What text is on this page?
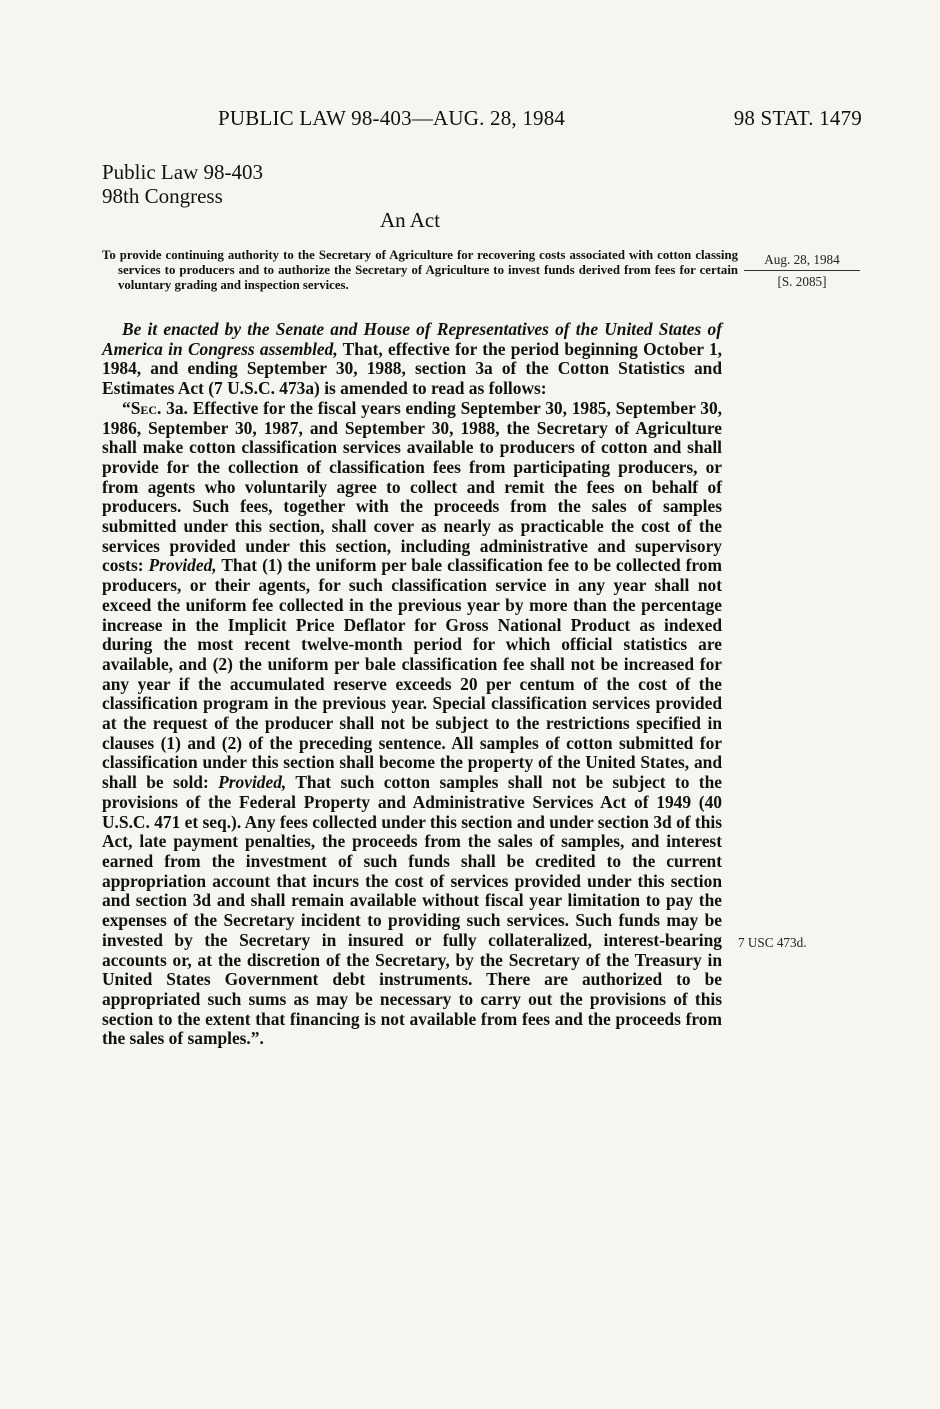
PUBLIC LAW 98-403—AUG. 28, 1984	98 STAT. 1479
Public Law 98-403
98th Congress
An Act
To provide continuing authority to the Secretary of Agriculture for recovering costs associated with cotton classing services to producers and to authorize the Secretary of Agriculture to invest funds derived from fees for certain voluntary grading and inspection services.
Aug. 28, 1984
[S. 2085]

Be it enacted by the Senate and House of Representatives of the United States of America in Congress assembled, That, effective for the period beginning October 1, 1984, and ending September 30, 1988, section 3a of the Cotton Statistics and Estimates Act (7 U.S.C. 473a) is amended to read as follows:

“Sec. 3a. Effective for the fiscal years ending September 30, 1985, September 30, 1986, September 30, 1987, and September 30, 1988, the Secretary of Agriculture shall make cotton classification services available to producers of cotton and shall provide for the collection of classification fees from participating producers, or from agents who voluntarily agree to collect and remit the fees on behalf of producers. Such fees, together with the proceeds from the sales of samples submitted under this section, shall cover as nearly as practicable the cost of the services provided under this section, including administrative and supervisory costs: Provided, That (1) the uniform per bale classification fee to be collected from producers, or their agents, for such classification service in any year shall not exceed the uniform fee collected in the previous year by more than the percentage increase in the Implicit Price Deflator for Gross National Product as indexed during the most recent twelve-month period for which official statistics are available, and (2) the uniform per bale classification fee shall not be increased for any year if the accumulated reserve exceeds 20 per centum of the cost of the classification program in the previous year. Special classification services provided at the request of the producer shall not be subject to the restrictions specified in clauses (1) and (2) of the preceding sentence. All samples of cotton submitted for classification under this section shall become the property of the United States, and shall be sold: Provided, That such cotton samples shall not be subject to the provisions of the Federal Property and Administrative Services Act of 1949 (40 U.S.C. 471 et seq.). Any fees collected under this section and under section 3d of this Act, late payment penalties, the proceeds from the sales of samples, and interest earned from the investment of such funds shall be credited to the current appropriation account that incurs the cost of services provided under this section and section 3d and shall remain available without fiscal year limitation to pay the expenses of the Secretary incident to providing such services. Such funds may be invested by the Secretary in insured or fully collateralized, interest-bearing accounts or, at the discretion of the Secretary, by the Secretary of the Treasury in United States Government debt instruments. There are authorized to be appropriated such sums as may be necessary to carry out the provisions of this section to the extent that financing is not available from fees and the proceeds from the sales of samples.”.

7 USC 473d.
